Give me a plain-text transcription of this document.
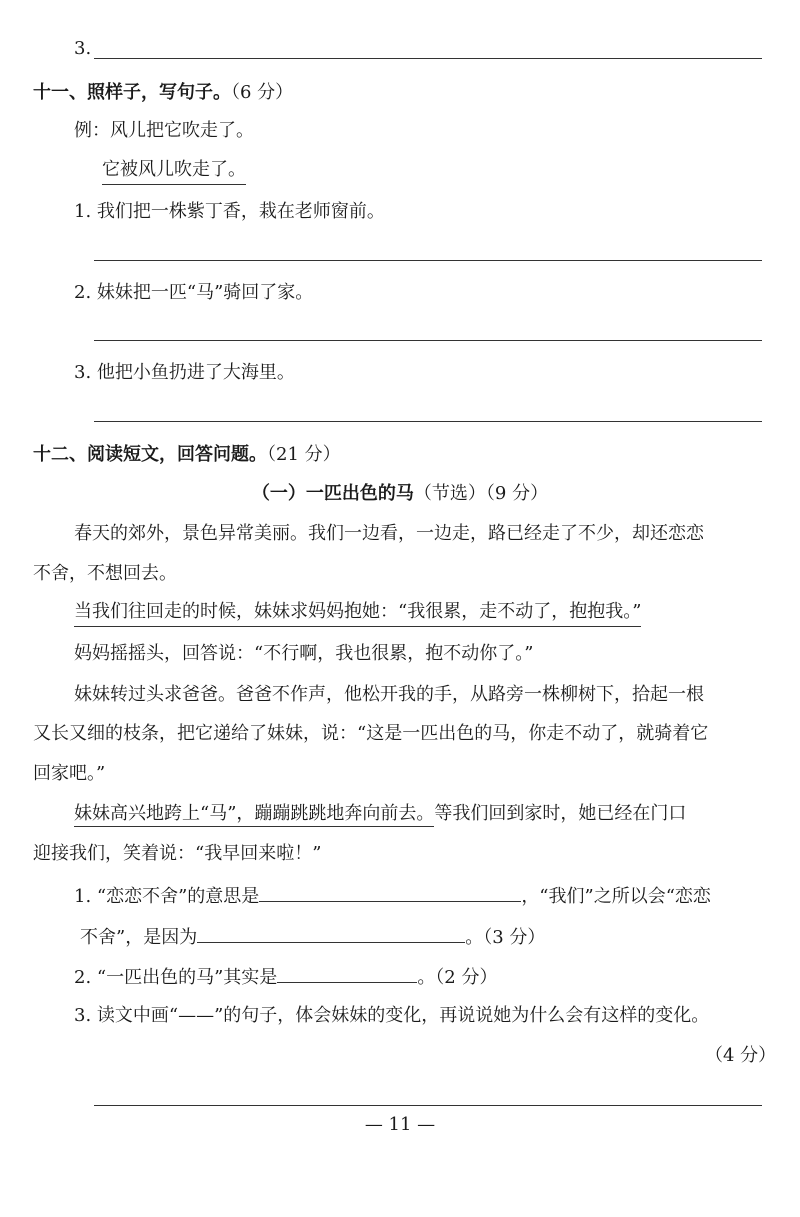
3.
十一、照样子，写句子。（6 分）
例：风儿把它吹走了。
它被风儿吹走了。
1. 我们把一株紫丁香，栽在老师窗前。
2. 妹妹把一匹“马”骑回了家。
3. 他把小鱼扔进了大海里。
十二、阅读短文，回答问题。（21 分）
（一）一匹出色的马（节选）（9 分）
春天的郊外，景色异常美丽。我们一边看，一边走，路已经走了不少，却还恋恋
不舍，不想回去。
当我们往回走的时候，妹妹求妈妈抱她：“我很累，走不动了，抱抱我。”
妈妈摇摇头，回答说：“不行啊，我也很累，抱不动你了。”
妹妹转过头求爸爸。爸爸不作声，他松开我的手，从路旁一株柳树下，拾起一根
又长又细的枝条，把它递给了妹妹，说：“这是一匹出色的马，你走不动了，就骑着它
回家吧。”
妹妹高兴地跨上“马”，蹦蹦跳跳地奔向前去。等我们回到家时，她已经在门口
迎接我们，笑着说：“我早回来啦！”
1. “恋恋不舍”的意思是	，“我们”之所以会“恋恋
不舍”，是因为	。（3 分）
2. “一匹出色的马”其实是	。（2 分）
3. 读文中画“——”的句子，体会妹妹的变化，再说说她为什么会有这样的变化。
（4 分）
— 11 —
